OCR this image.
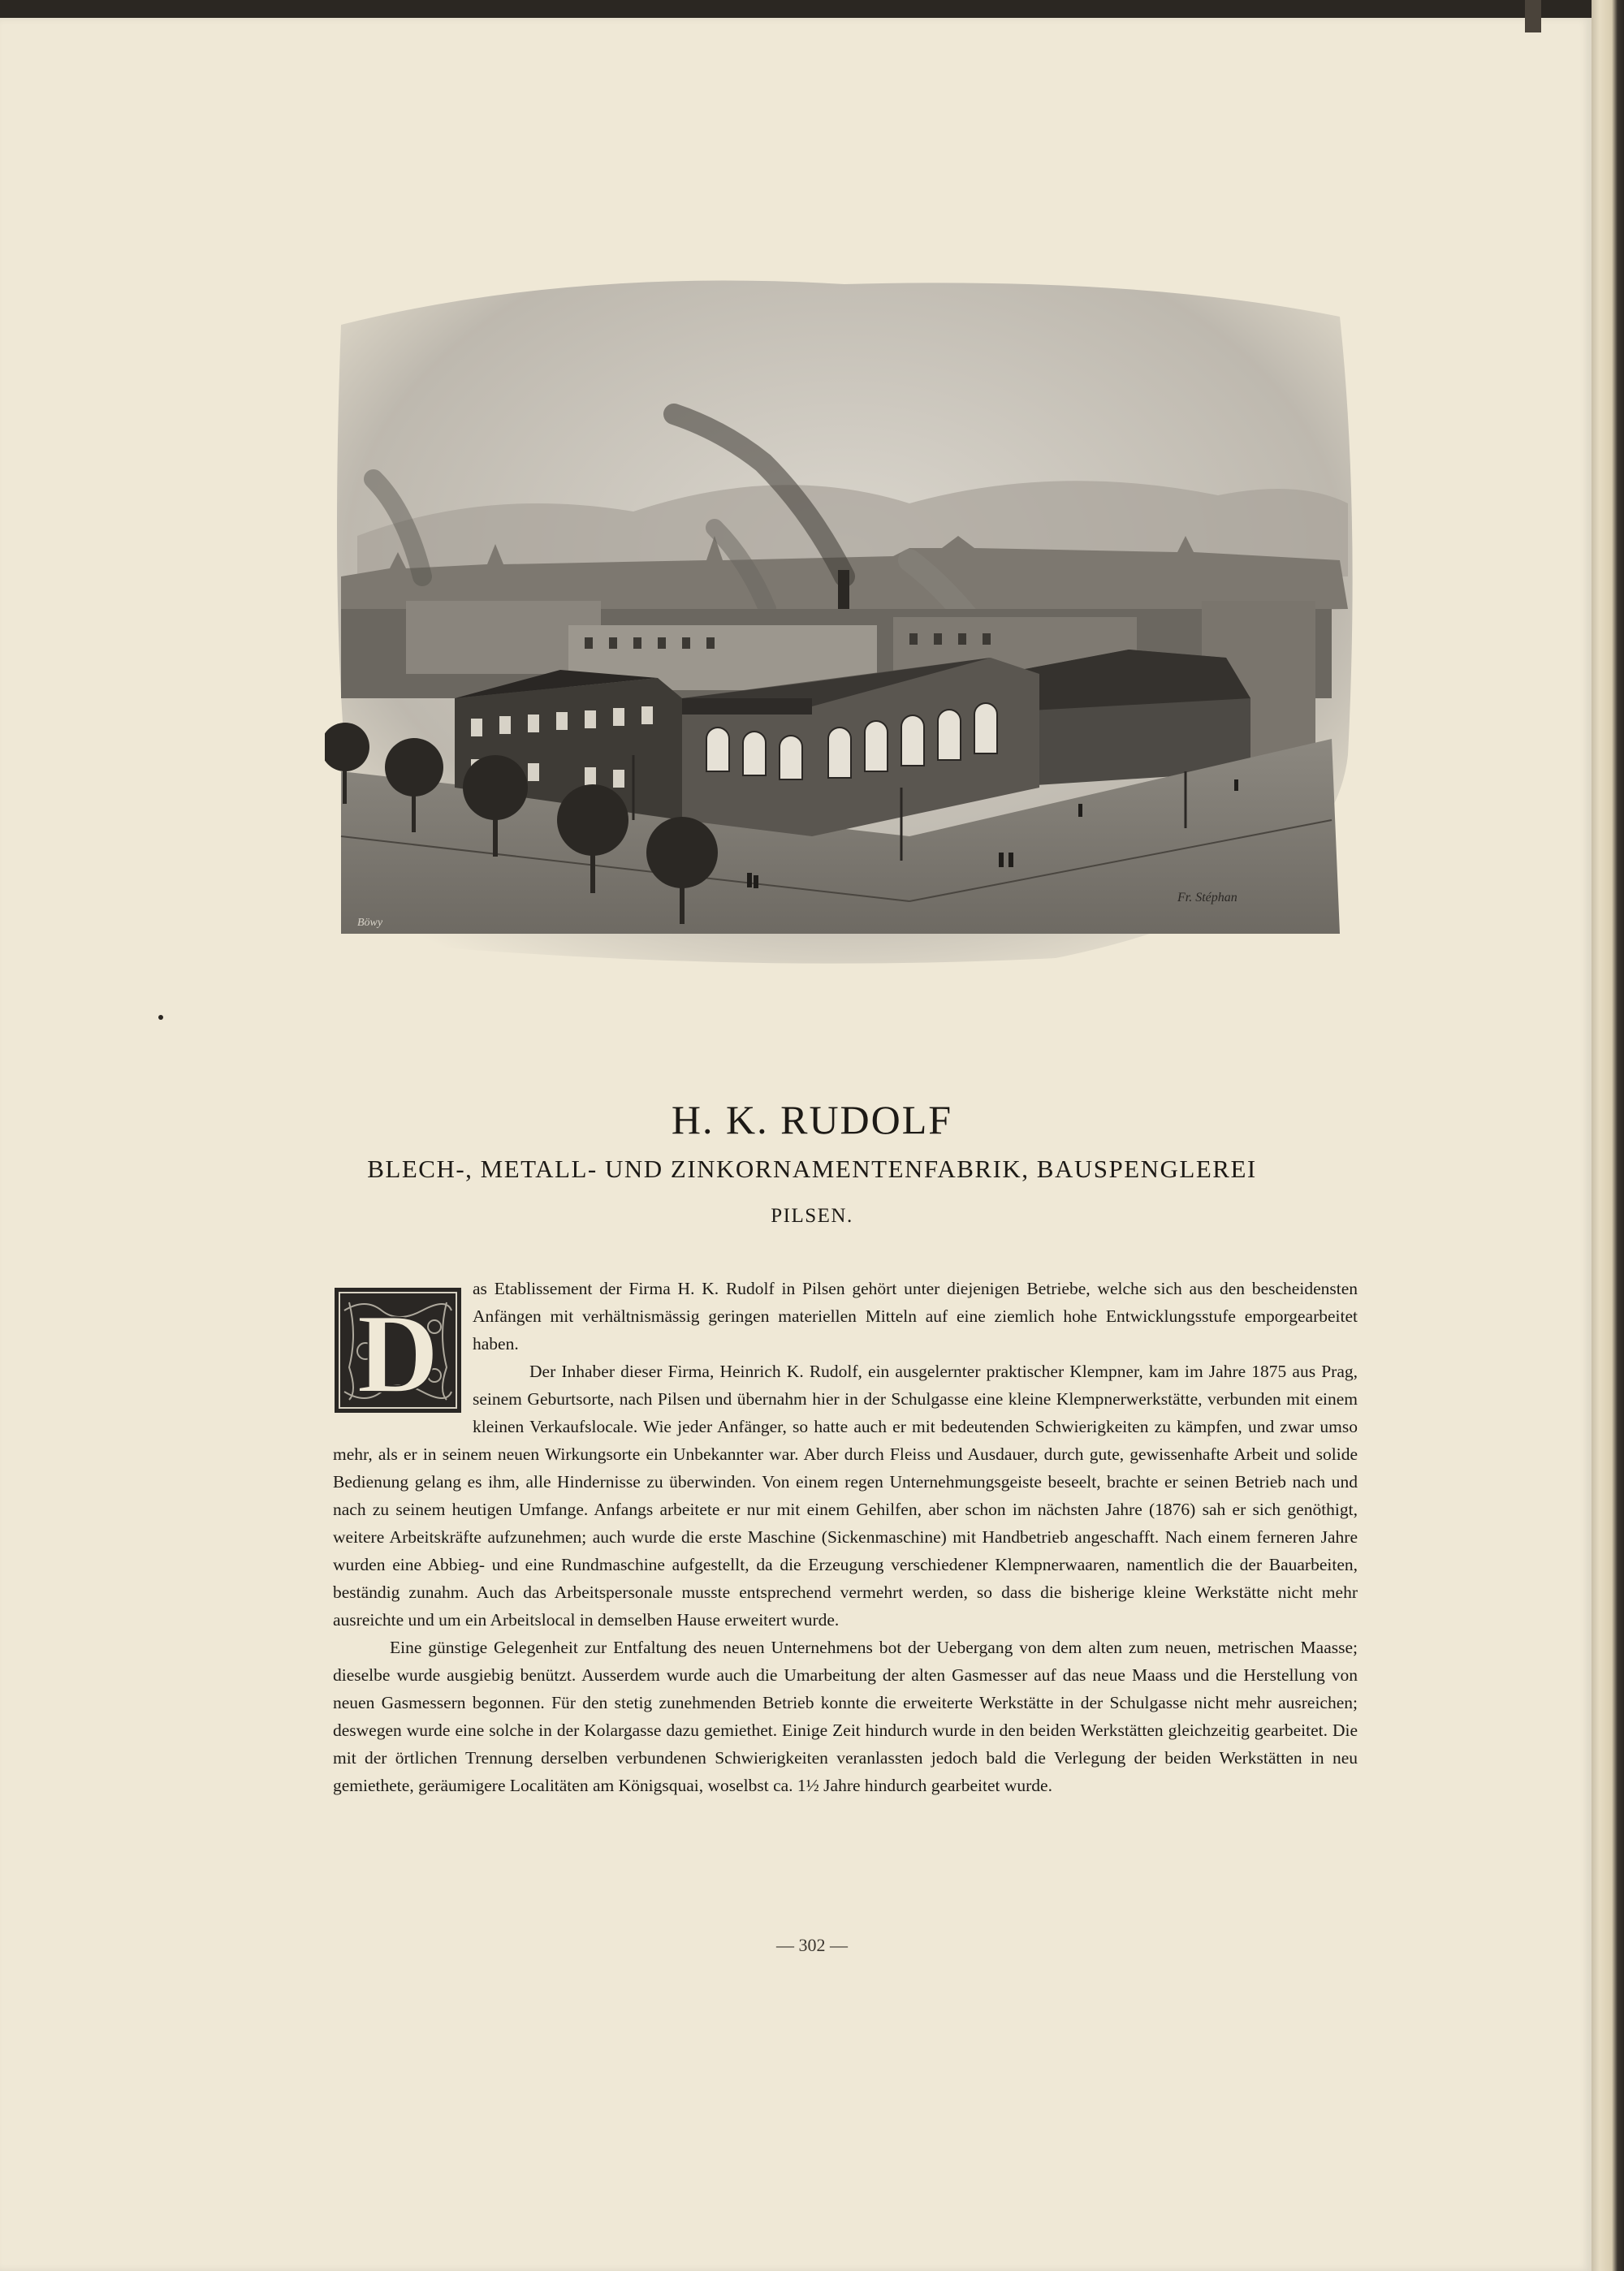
Böwy
Fr. Stéphan
H. K. RUDOLF
BLECH-, METALL- UND ZINKORNAMENTENFABRIK, BAUSPENGLEREI
PILSEN.
D

as Etablissement der Firma H. K. Rudolf in Pilsen gehört unter diejenigen Betriebe, welche sich aus den bescheidensten Anfängen mit verhältnismässig geringen materiellen Mitteln auf eine ziemlich hohe Entwicklungsstufe emporgearbeitet haben.

Der Inhaber dieser Firma, Heinrich K. Rudolf, ein ausgelernter praktischer Klempner, kam im Jahre 1875 aus Prag, seinem Geburtsorte, nach Pilsen und übernahm hier in der Schulgasse eine kleine Klempnerwerkstätte, verbunden mit einem kleinen Verkaufslocale. Wie jeder Anfänger, so hatte auch er mit bedeutenden Schwierigkeiten zu kämpfen, und zwar umso mehr, als er in seinem neuen Wirkungsorte ein Unbekannter war. Aber durch Fleiss und Ausdauer, durch gute, gewissenhafte Arbeit und solide Bedienung gelang es ihm, alle Hindernisse zu überwinden. Von einem regen Unternehmungsgeiste beseelt, brachte er seinen Betrieb nach und nach zu seinem heutigen Umfange. Anfangs arbeitete er nur mit einem Gehilfen, aber schon im nächsten Jahre (1876) sah er sich genöthigt, weitere Arbeitskräfte aufzunehmen; auch wurde die erste Maschine (Sickenmaschine) mit Handbetrieb angeschafft. Nach einem ferneren Jahre wurden eine Abbieg- und eine Rundmaschine aufgestellt, da die Erzeugung verschiedener Klempnerwaaren, namentlich die der Bauarbeiten, beständig zunahm. Auch das Arbeitspersonale musste entsprechend vermehrt werden, so dass die bisherige kleine Werkstätte nicht mehr ausreichte und um ein Arbeitslocal in demselben Hause erweitert wurde.

Eine günstige Gelegenheit zur Entfaltung des neuen Unternehmens bot der Uebergang von dem alten zum neuen, metrischen Maasse; dieselbe wurde ausgiebig benützt. Ausserdem wurde auch die Umarbeitung der alten Gasmesser auf das neue Maass und die Herstellung von neuen Gasmessern begonnen. Für den stetig zunehmenden Betrieb konnte die erweiterte Werkstätte in der Schulgasse nicht mehr ausreichen; deswegen wurde eine solche in der Kolargasse dazu gemiethet. Einige Zeit hindurch wurde in den beiden Werkstätten gleichzeitig gearbeitet. Die mit der örtlichen Trennung derselben verbundenen Schwierigkeiten veranlassten jedoch bald die Verlegung der beiden Werkstätten in neu gemiethete, geräumigere Localitäten am Königsquai, woselbst ca. 1½ Jahre hindurch gearbeitet wurde.

— 302 —
